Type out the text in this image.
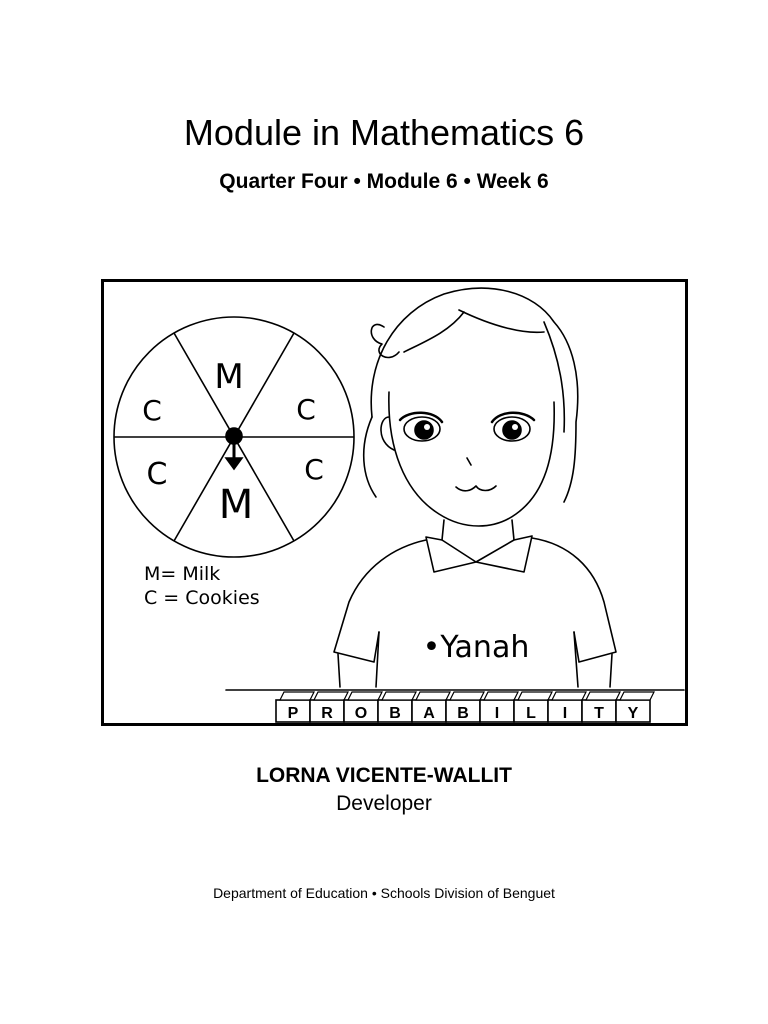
Module in Mathematics 6
Quarter Four • Module 6 • Week 6
M
C	C
M
C	C
M= Milk
C = Cookies
•Yanah
P R O B A B I L I T Y

LORNA VICENTE-WALLIT

Developer

Department of Education • Schools Division of Benguet
